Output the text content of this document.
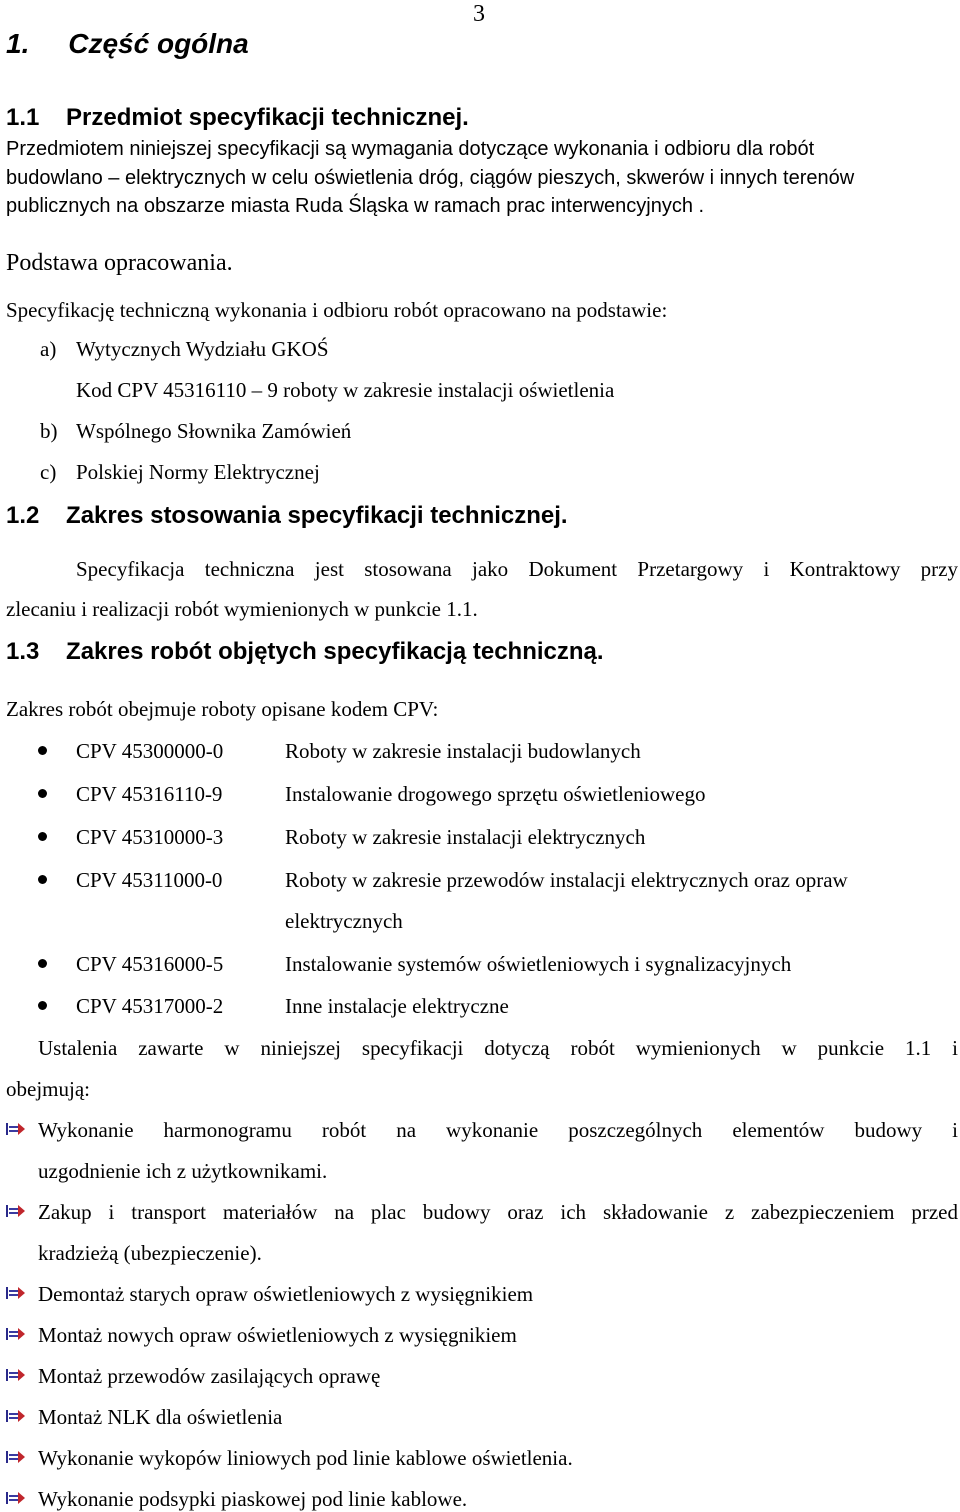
3
1.     Część ogólna
1.1    Przedmiot specyfikacji technicznej.
Przedmiotem niniejszej specyfikacji są wymagania dotyczące wykonania i odbioru dla robót
budowlano – elektrycznych w celu oświetlenia dróg, ciągów pieszych, skwerów i innych terenów
publicznych na obszarze miasta Ruda Śląska w ramach prac interwencyjnych .
Podstawa opracowania.
Specyfikację techniczną wykonania i odbioru robót opracowano na podstawie:
a) Wytycznych Wydziału GKOŚ
Kod CPV 45316110 – 9 roboty w zakresie instalacji oświetlenia
b) Wspólnego Słownika Zamówień
c) Polskiej Normy Elektrycznej
1.2    Zakres stosowania specyfikacji technicznej.
Specyfikacja techniczna jest stosowana jako Dokument Przetargowy i Kontraktowy przy
zlecaniu i realizacji robót wymienionych w punkcie 1.1.
1.3    Zakres robót objętych specyfikacją techniczną.
Zakres robót obejmuje roboty opisane kodem CPV:
CPV 45300000-0	Roboty w zakresie instalacji budowlanych
CPV 45316110-9	Instalowanie drogowego sprzętu oświetleniowego
CPV 45310000-3	Roboty w zakresie instalacji elektrycznych
CPV 45311000-0	Roboty w zakresie przewodów instalacji elektrycznych oraz opraw
elektrycznych
CPV 45316000-5	Instalowanie systemów oświetleniowych i sygnalizacyjnych
CPV 45317000-2	Inne instalacje elektryczne
Ustalenia zawarte w niniejszej specyfikacji dotyczą robót wymienionych w punkcie 1.1 i
obejmują:
Wykonanie harmonogramu robót na wykonanie poszczególnych elementów budowy i
uzgodnienie ich z użytkownikami.
Zakup i transport materiałów na plac budowy oraz ich składowanie z zabezpieczeniem przed
kradzieżą (ubezpieczenie).
Demontaż starych opraw oświetleniowych z wysięgnikiem
Montaż nowych opraw oświetleniowych z wysięgnikiem
Montaż przewodów zasilających oprawę
Montaż NLK dla oświetlenia
Wykonanie wykopów liniowych pod linie kablowe oświetlenia.
Wykonanie podsypki piaskowej pod linie kablowe.
